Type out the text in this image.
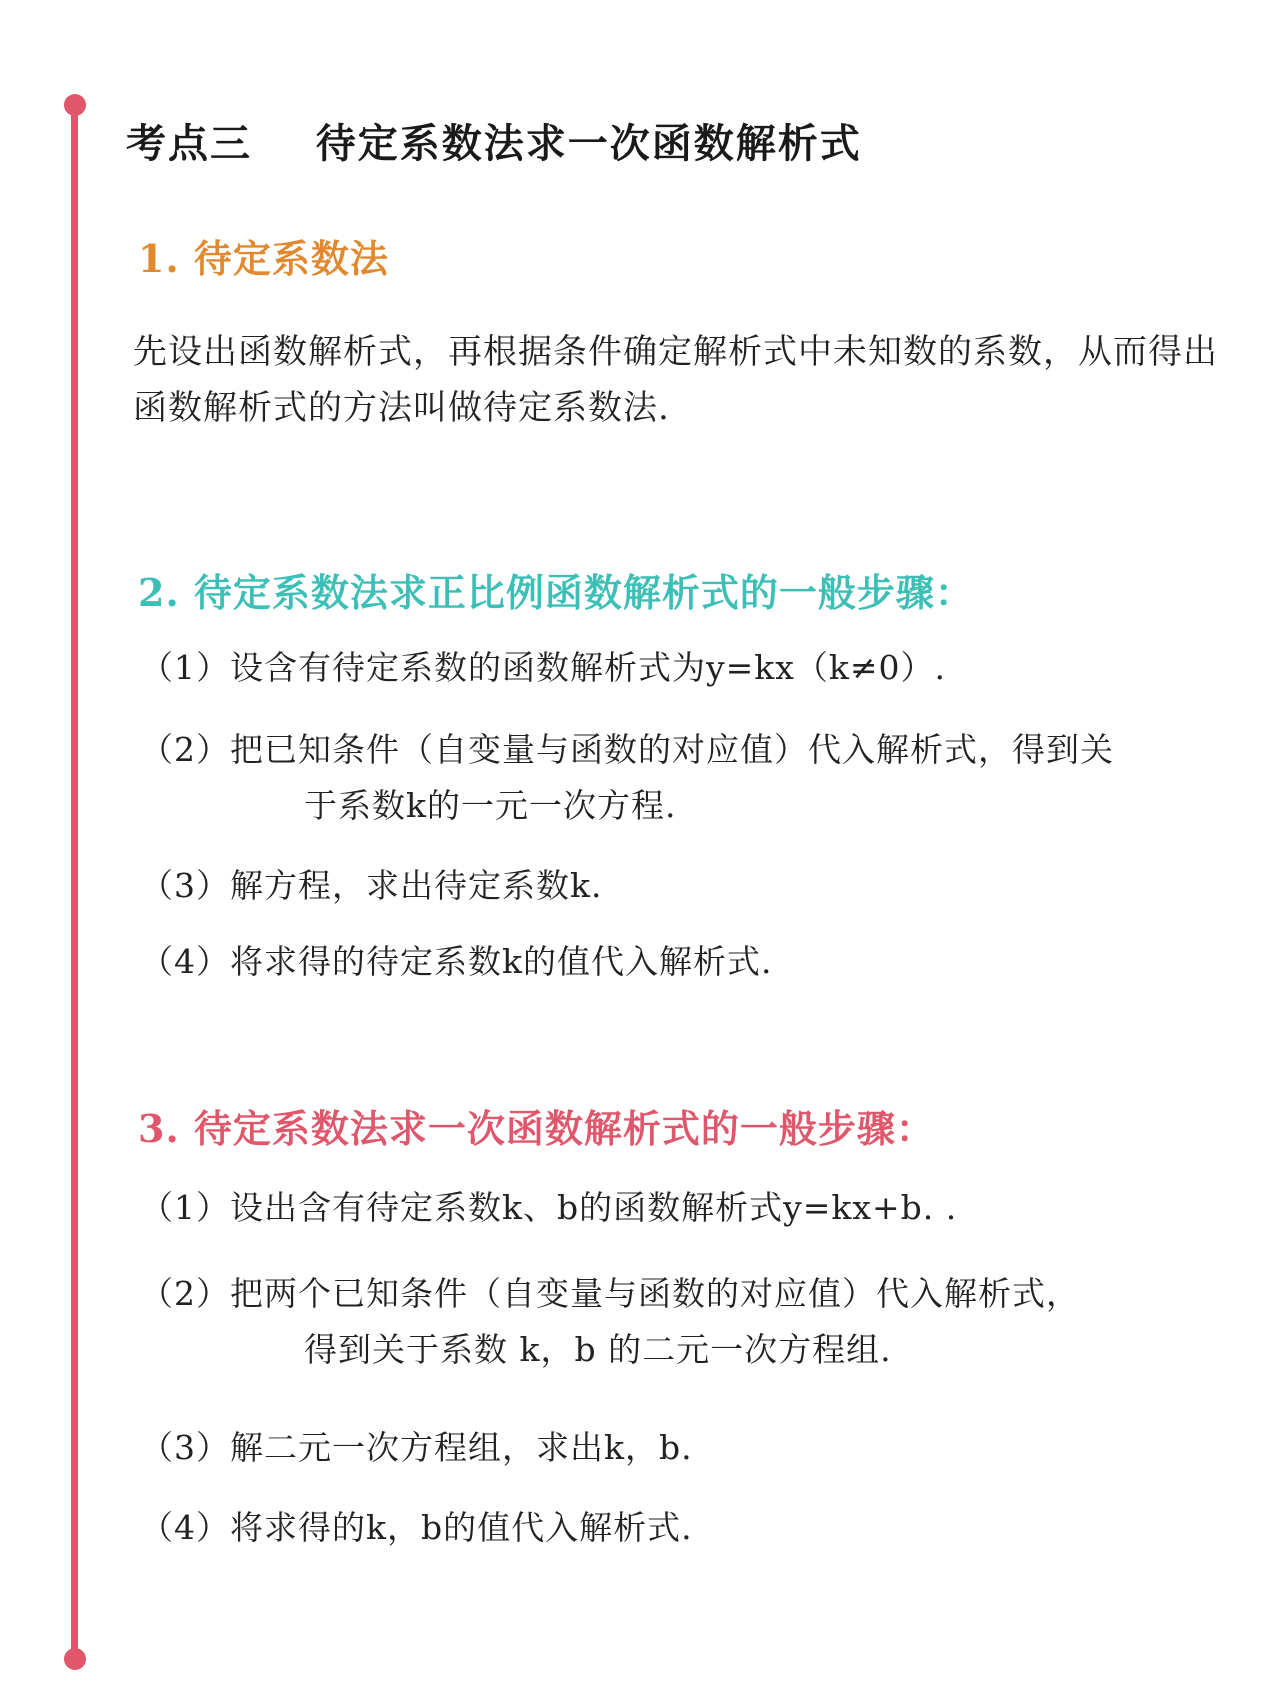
考点三    待定系数法求一次函数解析式
1. 待定系数法

先设出函数解析式，再根据条件确定解析式中未知数的系数，从而得出函数解析式的方法叫做待定系数法.

2. 待定系数法求正比例函数解析式的一般步骤：

（1）设含有待定系数的函数解析式为y=kx（k≠0）.

（2）把已知条件（自变量与函数的对应值）代入解析式，得到关
于系数k的一元一次方程.

（3）解方程，求出待定系数k.

（4）将求得的待定系数k的值代入解析式.

3. 待定系数法求一次函数解析式的一般步骤：

（1）设出含有待定系数k、b的函数解析式y=kx+b. .

（2）把两个已知条件（自变量与函数的对应值）代入解析式，
得到关于系数 k，b 的二元一次方程组.

（3）解二元一次方程组，求出k，b.

（4）将求得的k，b的值代入解析式.
